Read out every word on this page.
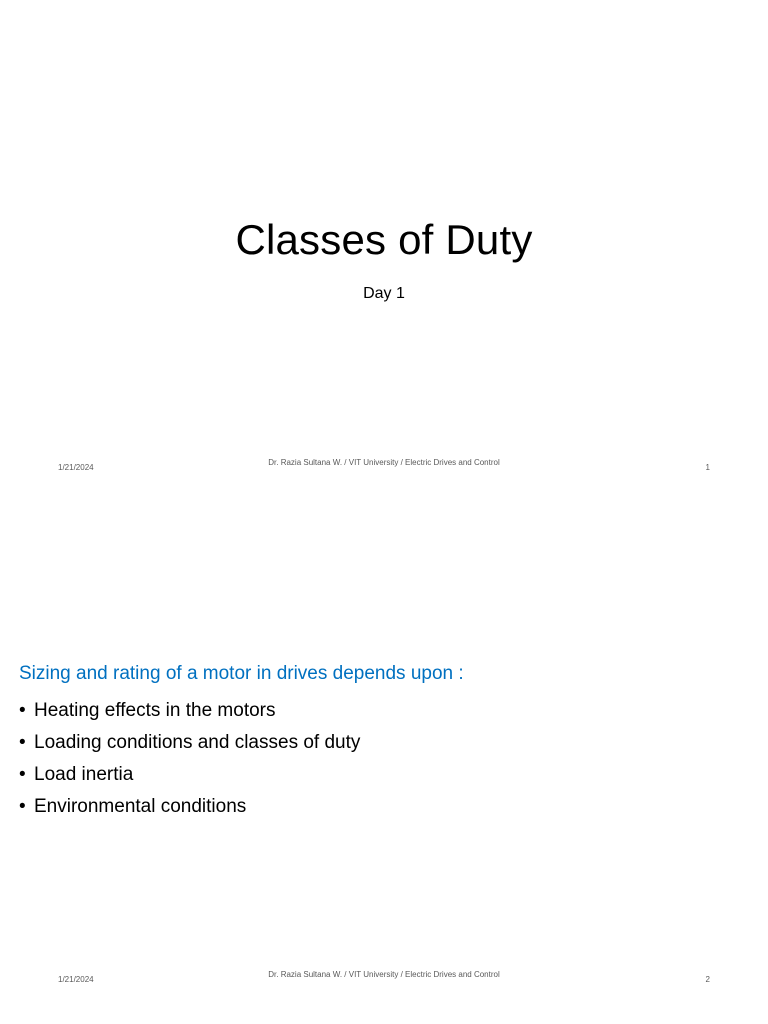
Classes of Duty
Day 1
1/21/2024
Dr. Razia Sultana W. / VIT University / Electric Drives and Control
1
Sizing and rating of a motor in drives depends upon :
• Heating effects in the motors
• Loading conditions and classes of duty
• Load inertia
• Environmental conditions
1/21/2024
Dr. Razia Sultana W. / VIT University / Electric Drives and Control
2
